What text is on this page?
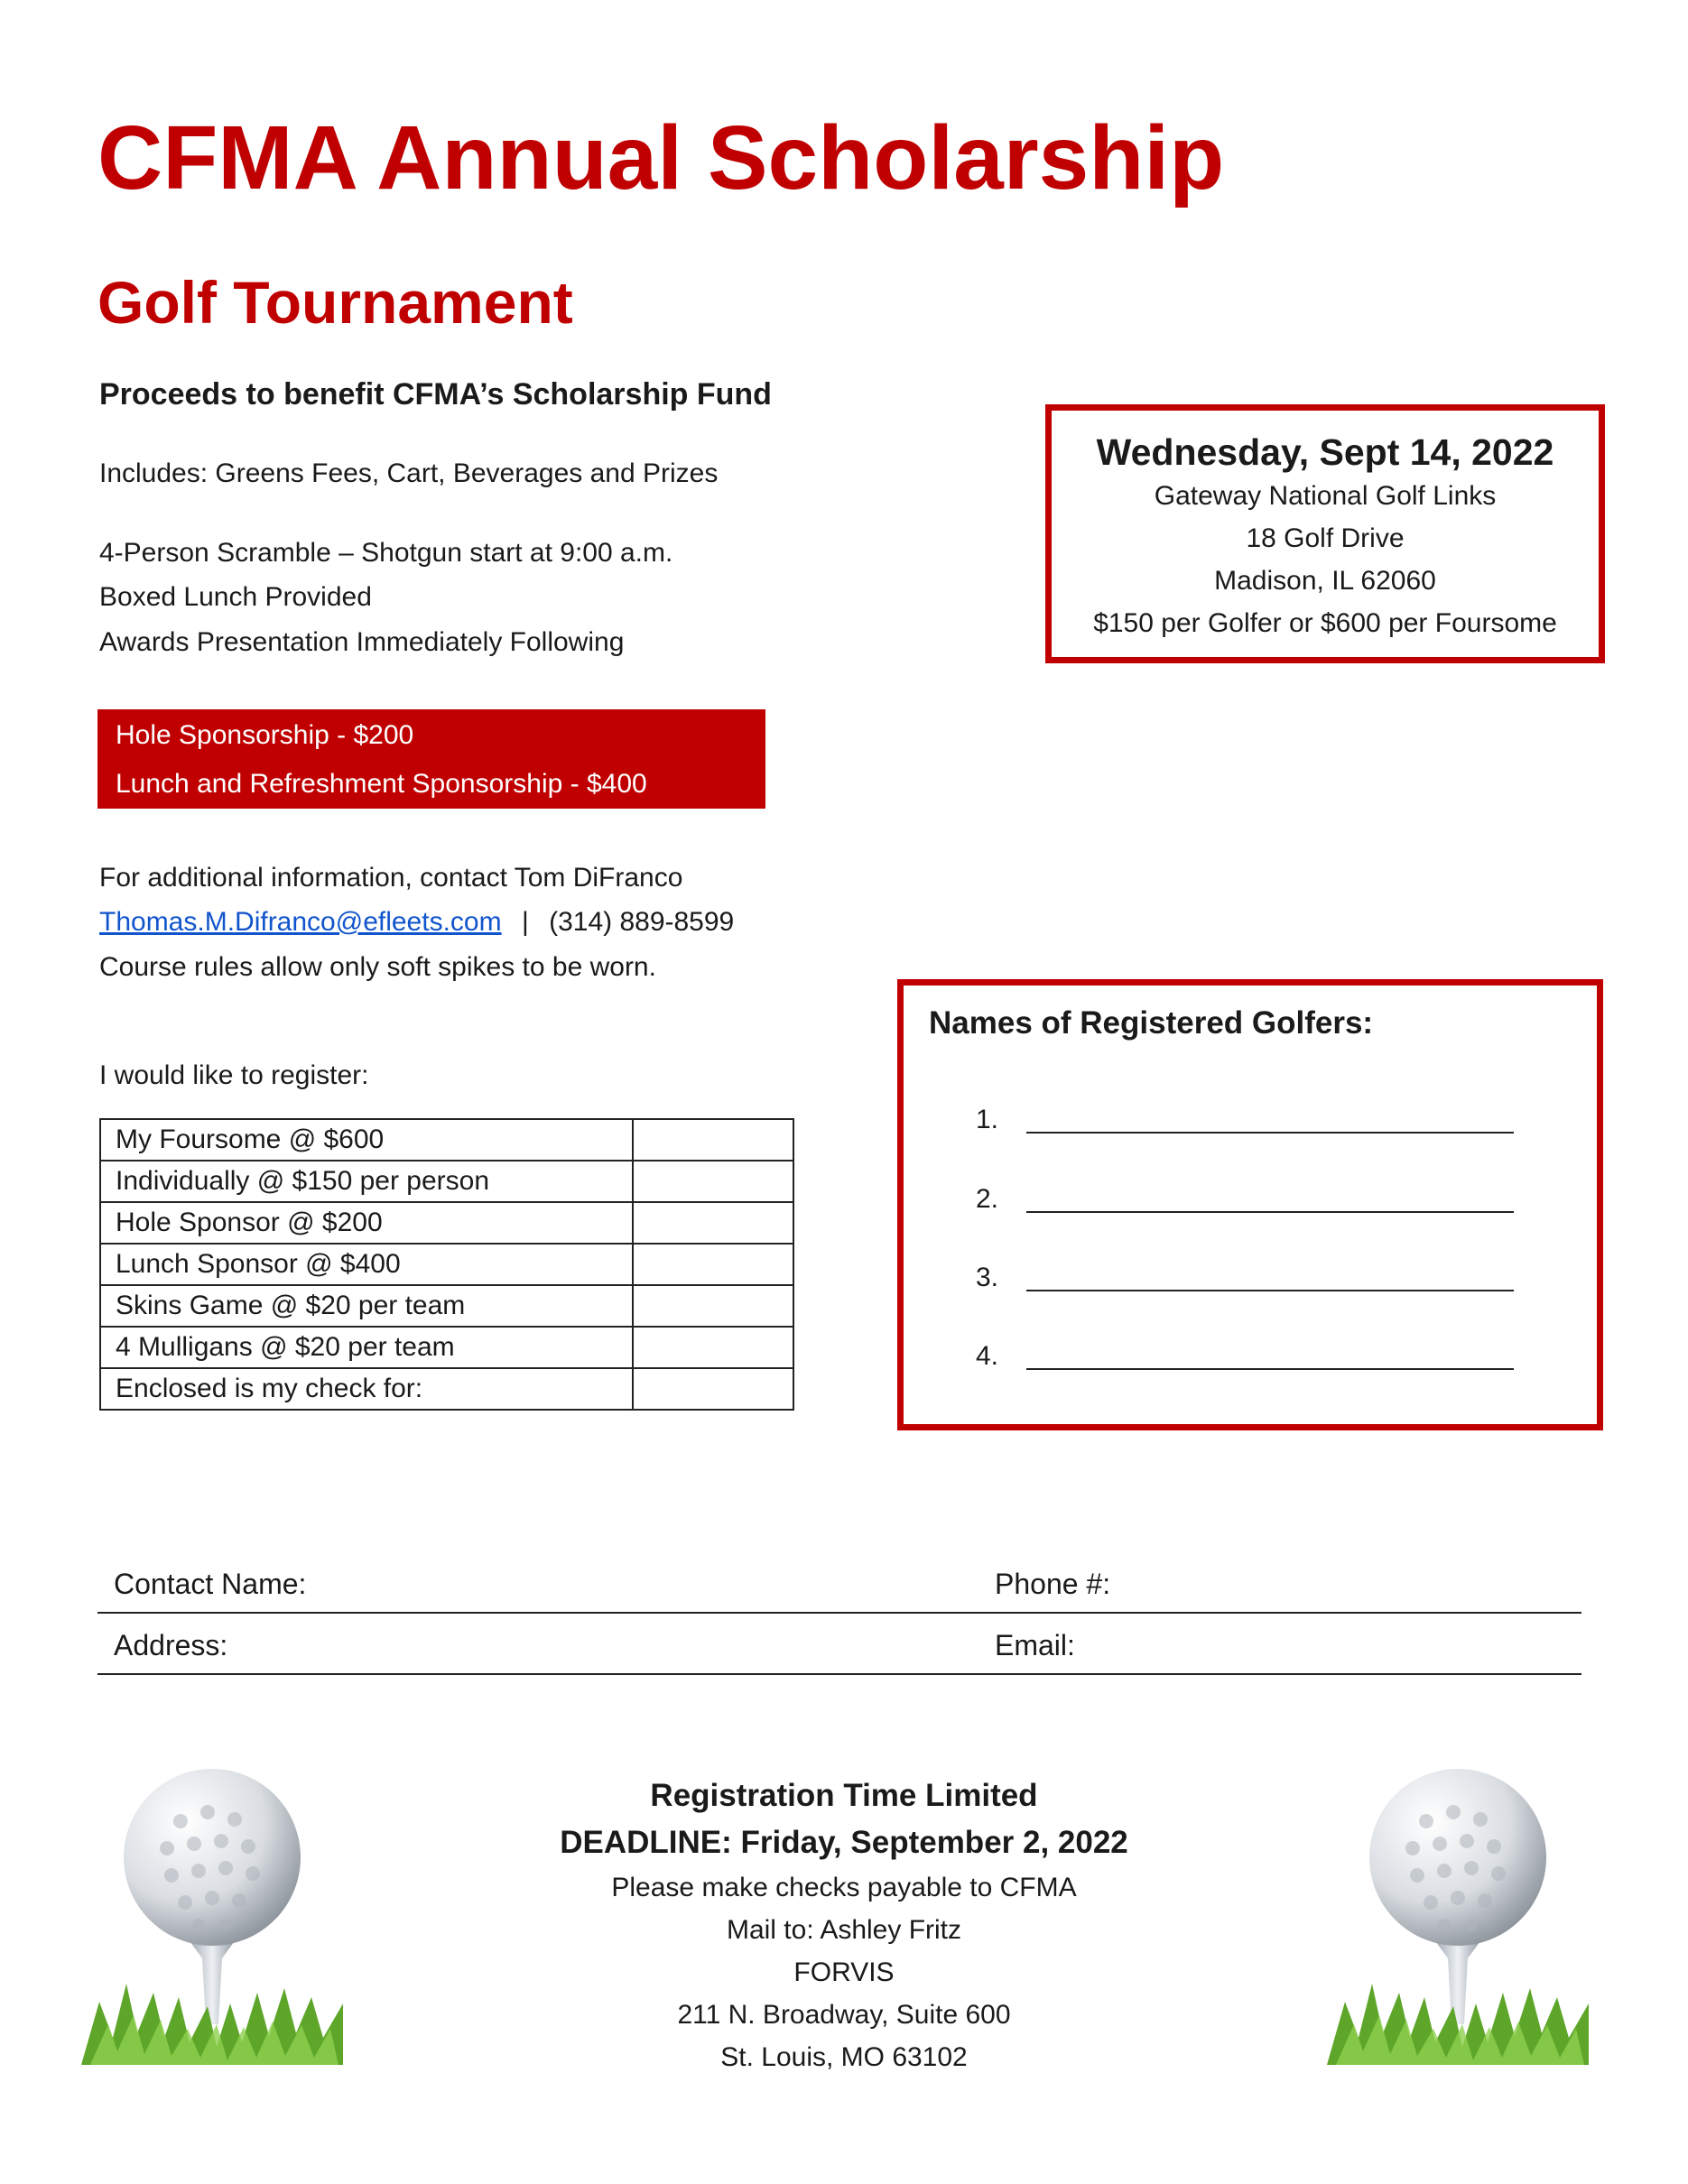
CFMA Annual Scholarship
Golf Tournament
Proceeds to benefit CFMA’s Scholarship Fund
Includes: Greens Fees, Cart, Beverages and Prizes
4-Person Scramble – Shotgun start at 9:00 a.m.
Boxed Lunch Provided
Awards Presentation Immediately Following
Hole Sponsorship - $200
Lunch and Refreshment Sponsorship - $400
Wednesday, Sept 14, 2022
Gateway National Golf Links
18 Golf Drive
Madison, IL 62060
$150 per Golfer or $600 per Foursome
For additional information, contact Tom DiFranco
Thomas.M.Difranco@efleets.com | (314) 889-8599
Course rules allow only soft spikes to be worn.
I would like to register:
My Foursome @ $600	
Individually @ $150 per person	
Hole Sponsor @ $200	
Lunch Sponsor @ $400	
Skins Game @ $20 per team	
4 Mulligans @ $20 per team	
Enclosed is my check for:	
Names of Registered Golfers:
1.
2.
3.
4.
Contact Name:	Phone #:
Address:	Email:
Registration Time Limited
DEADLINE: Friday, September 2, 2022
Please make checks payable to CFMA
Mail to: Ashley Fritz
FORVIS
211 N. Broadway, Suite 600
St. Louis, MO 63102
